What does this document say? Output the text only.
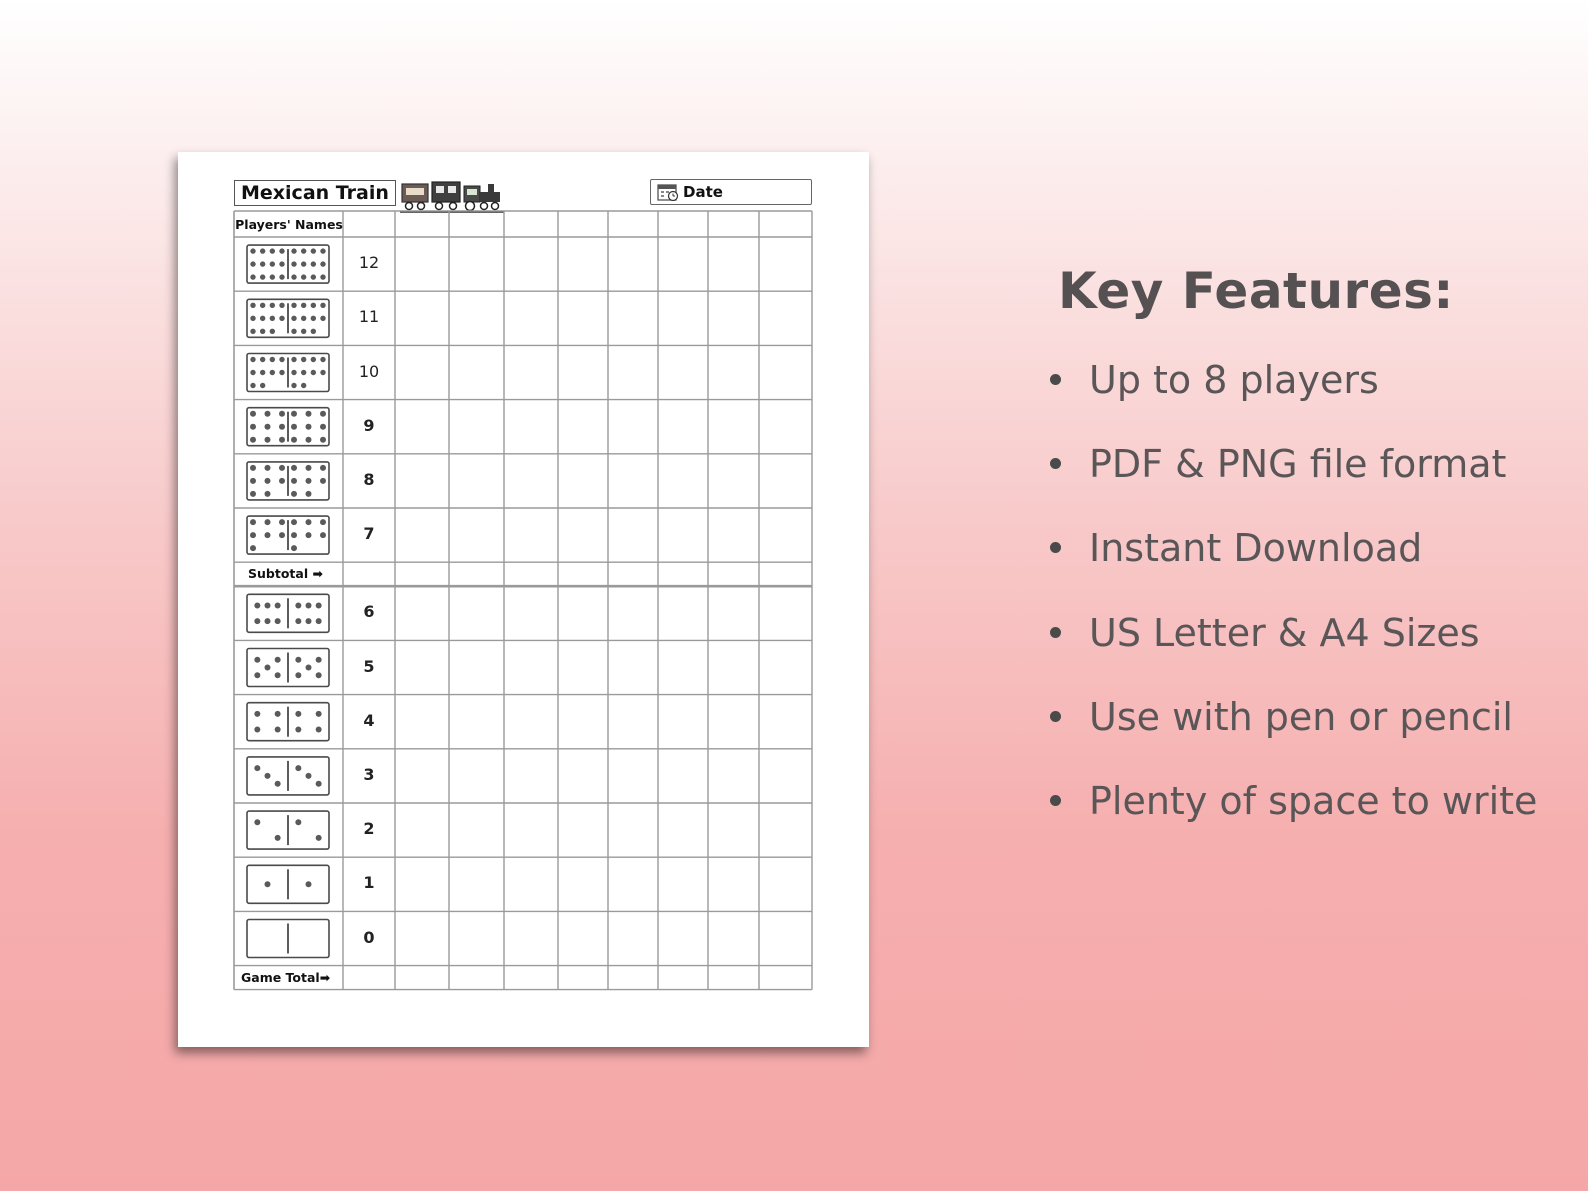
Mexican Train	Date
Players' Names
12
11
10
9
8
7
Subtotal ➡
6
5
4
3
2
1
0
Game Total➡
Key Features:
Up to 8 players
PDF & PNG file format
Instant Download
US Letter & A4 Sizes
Use with pen or pencil
Plenty of space to write
